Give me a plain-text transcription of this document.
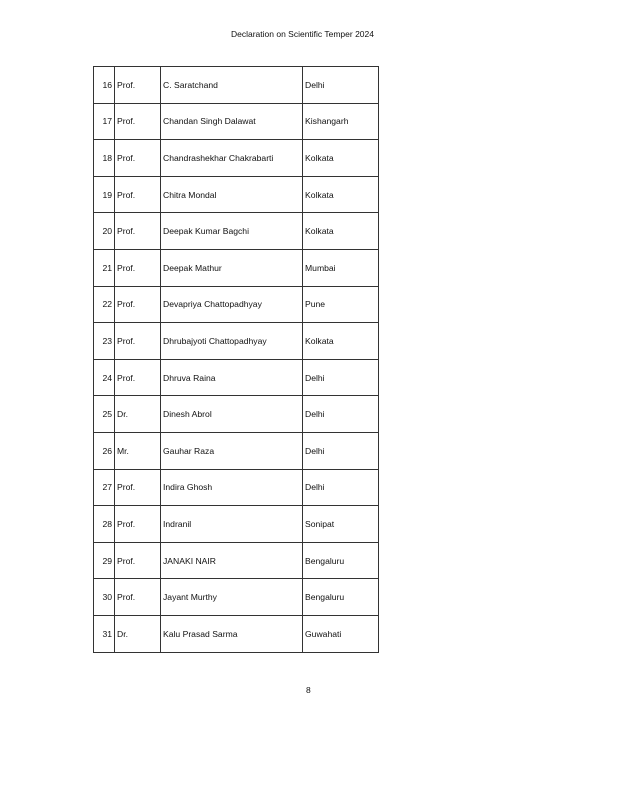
Declaration on Scientific Temper 2024
16	Prof.	C. Saratchand	Delhi
17	Prof.	Chandan Singh Dalawat	Kishangarh
18	Prof.	Chandrashekhar Chakrabarti	Kolkata
19	Prof.	Chitra Mondal	Kolkata
20	Prof.	Deepak Kumar Bagchi	Kolkata
21	Prof.	Deepak Mathur	Mumbai
22	Prof.	Devapriya Chattopadhyay	Pune
23	Prof.	Dhrubajyoti Chattopadhyay	Kolkata
24	Prof.	Dhruva Raina	Delhi
25	Dr.	Dinesh Abrol	Delhi
26	Mr.	Gauhar Raza	Delhi
27	Prof.	Indira Ghosh	Delhi
28	Prof.	Indranil	Sonipat
29	Prof.	JANAKI NAIR	Bengaluru
30	Prof.	Jayant Murthy	Bengaluru
31	Dr.	Kalu Prasad Sarma	Guwahati
8
